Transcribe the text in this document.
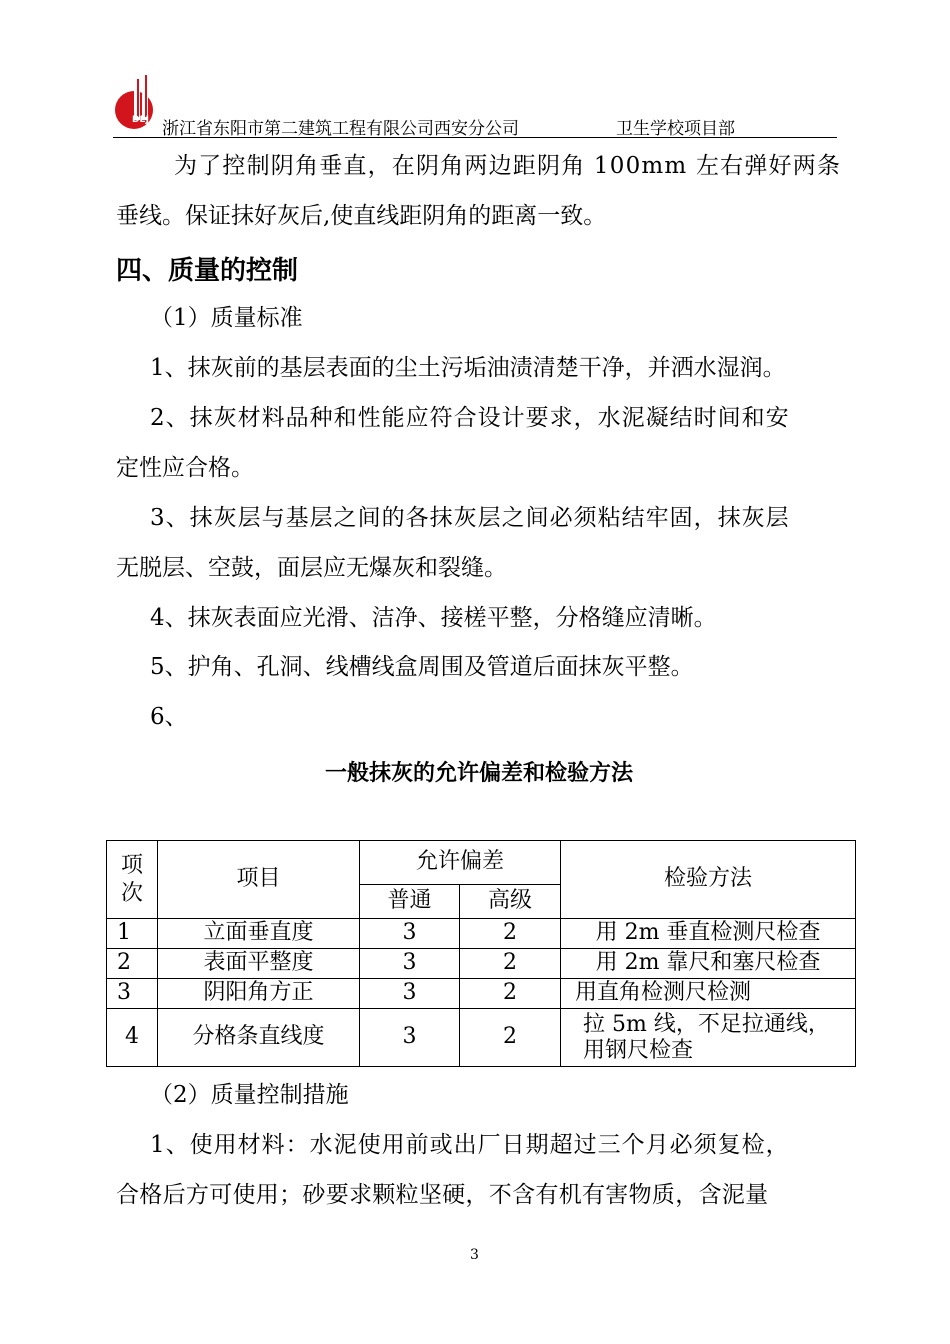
DEJ 浙江省东阳市第二建筑工程有限公司西安分公司	卫生学校项目部
为了控制阴角垂直，在阴角两边距阴角 100mm 左右弹好两条
垂线。保证抹好灰后,使直线距阴角的距离一致。
四、质量的控制
（1）质量标准
1、抹灰前的基层表面的尘土污垢油渍清楚干净，并洒水湿润。
2、抹灰材料品种和性能应符合设计要求，水泥凝结时间和安
定性应合格。
3、抹灰层与基层之间的各抹灰层之间必须粘结牢固，抹灰层
无脱层、空鼓，面层应无爆灰和裂缝。
4、抹灰表面应光滑、洁净、接槎平整，分格缝应清晰。
5、护角、孔洞、线槽线盒周围及管道后面抹灰平整。
6、
一般抹灰的允许偏差和检验方法
项次	项目	允许偏差		检验方法
		普通	高级	
1	立面垂直度	3	2	用 2m 垂直检测尺检查
2	表面平整度	3	2	用 2m 靠尺和塞尺检查
3	阴阳角方正	3	2	用直角检测尺检测
4	分格条直线度	3	2	拉 5m 线，不足拉通线，
用钢尺检查
（2）质量控制措施
1、使用材料：水泥使用前或出厂日期超过三个月必须复检，
合格后方可使用；砂要求颗粒坚硬，不含有机有害物质，含泥量
3
